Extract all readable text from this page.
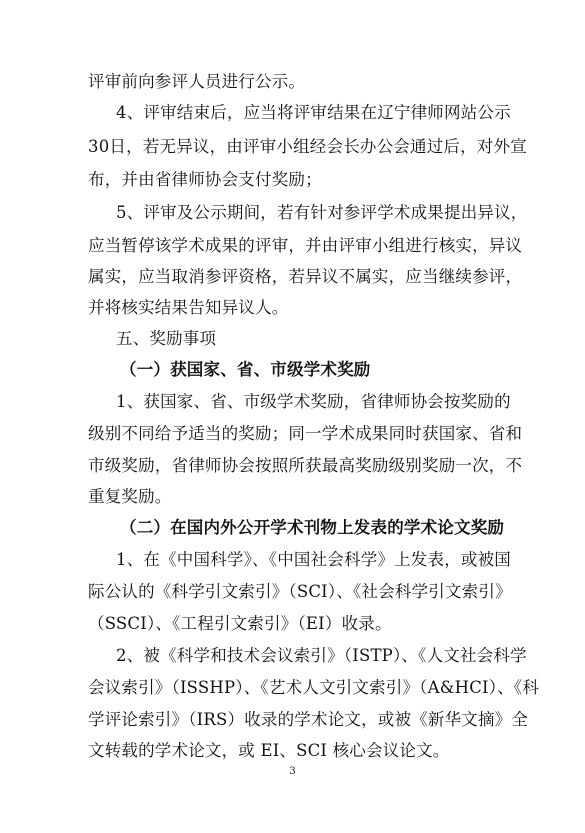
评审前向参评人员进行公示。
4、评审结束后，应当将评审结果在辽宁律师网站公示
30日，若无异议，由评审小组经会长办公会通过后，对外宣
布，并由省律师协会支付奖励；
5、评审及公示期间，若有针对参评学术成果提出异议，
应当暂停该学术成果的评审，并由评审小组进行核实，异议
属实，应当取消参评资格，若异议不属实，应当继续参评，
并将核实结果告知异议人。
五、奖励事项
（一）获国家、省、市级学术奖励
1、获国家、省、市级学术奖励，省律师协会按奖励的
级别不同给予适当的奖励；同一学术成果同时获国家、省和
市级奖励，省律师协会按照所获最高奖励级别奖励一次，不
重复奖励。
（二）在国内外公开学术刊物上发表的学术论文奖励
1、在《中国科学》、《中国社会科学》上发表，或被国
际公认的《科学引文索引》（SCI）、《社会科学引文索引》
（SSCI）、《工程引文索引》（EI）收录。
2、被《科学和技术会议索引》（ISTP）、《人文社会科学
会议索引》（ISSHP）、《艺术人文引文索引》（A&HCI）、《科
学评论索引》（IRS）收录的学术论文，或被《新华文摘》全
文转载的学术论文，或 EI、SCI 核心会议论文。
3
